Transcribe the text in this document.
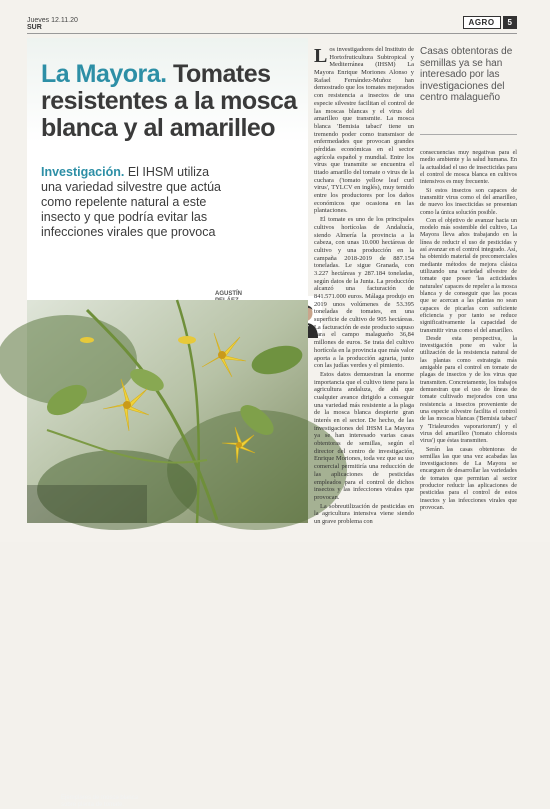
Jueves 12.11.20
SUR
AGRO	5
La Mayora. Tomates resistentes a la mosca blanca y al amarilleo

Investigación. El IHSM utiliza una variedad silvestre que actúa como repelente natural a este insecto y que podría evitar las infecciones virales que provoca

AGUSTÍN
Ejemplares de mosca blanca sobre planta de tomate.

Los investigadores del Instituto de Hortofruticultura Subtropical y Mediterránea (IHSM) La Mayora Enrique Moriones Alonso y Rafael Fernández-Muñoz han demostrado que los tomates mejorados con resistencia a insectos de una especie silvestre facilitan el control de las moscas blancas y el virus del amarilleo que transmite. La mosca blanca 'Bemisia tabaci' tiene un tremendo poder como transmisor de enfermedades que provocan grandes pérdidas económicas en el sector agrícola español y mundial. Entre los virus que transmite se encuentra el titado amarillo del tomate o virus de la cuchara ('tomato yellow leaf curl virus', TYLCV en inglés), muy temido entre los productores por los daños económicos que ocasiona en las plantaciones.

El tomate es uno de los principales cultivos hortícolas de Andalucía, siendo Almería la provincia a la cabeza, con unas 10.000 hectáreas de cultivo y una producción en la campaña 2018-2019 de 887.154 toneladas. Le sigue Granada, con 3.227 hectáreas y 287.184 toneladas, según datos de la Junta. La producción alcanzó una facturación de 841.571.000 euros. Málaga produjo en 2019 unos volúmenes de 53.395 toneladas de tomates, en una superficie de cultivo de 905 hectáreas. La facturación de este producto supuso para el campo malagueño 36,84 millones de euros. Se trata del cultivo hortícola en la provincia que más valor aporta a la producción agraria, junto con las judías verdes y el pimiento.

Estos datos demuestran la enorme importancia que el cultivo tiene para la agricultura andaluza, de ahí que cualquier avance dirigido a conseguir una variedad más resistente a la plaga de la mosca blanca despierte gran interés en el sector. De hecho, de las investigaciones del IHSM La Mayora ya se han interesado varias casas obtentoras de semillas, según el director del centro de investigación, Enrique Moriones, toda vez que su uso comercial permitiría una reducción de las aplicaciones de pesticidas empleados para el control de dichos insectos y las infecciones virales que provocan.

La sobreutilización de pesticidas en la agricultura intensiva viene siendo un grave problema con

Casas obtentoras de semillas ya se han interesado por las investigaciones del centro malagueño

consecuencias muy negativas para el medio ambiente y la salud humana. En la actualidad el uso de insecticidas para el control de mosca blanca en cultivos intensivos es muy frecuente.

Si estos insectos son capaces de transmitir virus como el del amarilleo, de nuevo los insecticidas se presentan como la única solución posible.

Con el objetivo de avanzar hacia un modelo más sostenible del cultivo, La Mayora lleva años trabajando en la línea de reducir el uso de pesticidas y así avanzar en el control integrado. Así, ha obtenido material de precomerciales mediante métodos de mejora clásica utilizando una variedad silvestre de tomate que posee 'las acticidades naturales' capaces de repeler a la mosca blanca y de conseguir que las pocas que se acercan a las plantas no sean capaces de picarlas con suficiente eficiencia y por tanto se reduce significativamente la capacidad de transmitir virus como el del amarilleo.

Desde esta perspectiva, la investigación pone en valor la utilización de la resistencia natural de las plantas como estrategia más amigable para el control en tomate de plagas de insectos y de los virus que transmiten. Concretamente, los trabajos demuestran que el uso de líneas de tomate cultivado mejorados con una resistencia a insectos proveniente de una especie silvestre facilita el control de las moscas blancas ('Bemisia tabaci' y 'Trialeurodes vaporariorum') y el virus del amarilleo ('tomato chlorosis virus') que éstas transmiten.

Serán las casas obtentoras de semillas las que una vez acabadas las investigaciones de La Mayora se encarguen de desarrollar las variedades de tomates que permitan al sector productor reducir las aplicaciones de pesticidas para el control de estos insectos y las infecciones virales que provocan.
